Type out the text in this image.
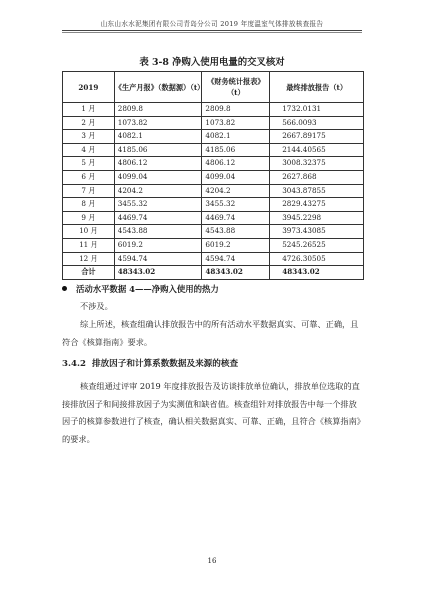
山东山水水泥集团有限公司青岛分公司 2019 年度温室气体排放核查报告
表 3-8 净购入使用电量的交叉核对
2019	《生产月报》（数据源）（t）	《财务统计报表》（t）	最终排放报告（t）
1 月	2809.8	2809.8	1732.0131
2 月	1073.82	1073.82	566.0093
3 月	4082.1	4082.1	2667.89175
4 月	4185.06	4185.06	2144.40565
5 月	4806.12	4806.12	3008.32375
6 月	4099.04	4099.04	2627.868
7 月	4204.2	4204.2	3043.87855
8 月	3455.32	3455.32	2829.43275
9 月	4469.74	4469.74	3945.2298
10 月	4543.88	4543.88	3973.43085
11 月	6019.2	6019.2	5245.26525
12 月	4594.74	4594.74	4726.30505
合计	48343.02	48343.02	48343.02
活动水平数据 4——净购入使用的热力
不涉及。
综上所述，核查组确认排放报告中的所有活动水平数据真实、可靠、正确，且符合《核算指南》要求。
3.4.2 排放因子和计算系数数据及来源的核查
核查组通过评审 2019 年度排放报告及访谈排放单位确认，排放单位选取的直接排放因子和间接排放因子为实测值和缺省值。核查组针对排放报告中每一个排放因子的核算参数进行了核查，确认相关数据真实、可靠、正确，且符合《核算指南》的要求。
16
